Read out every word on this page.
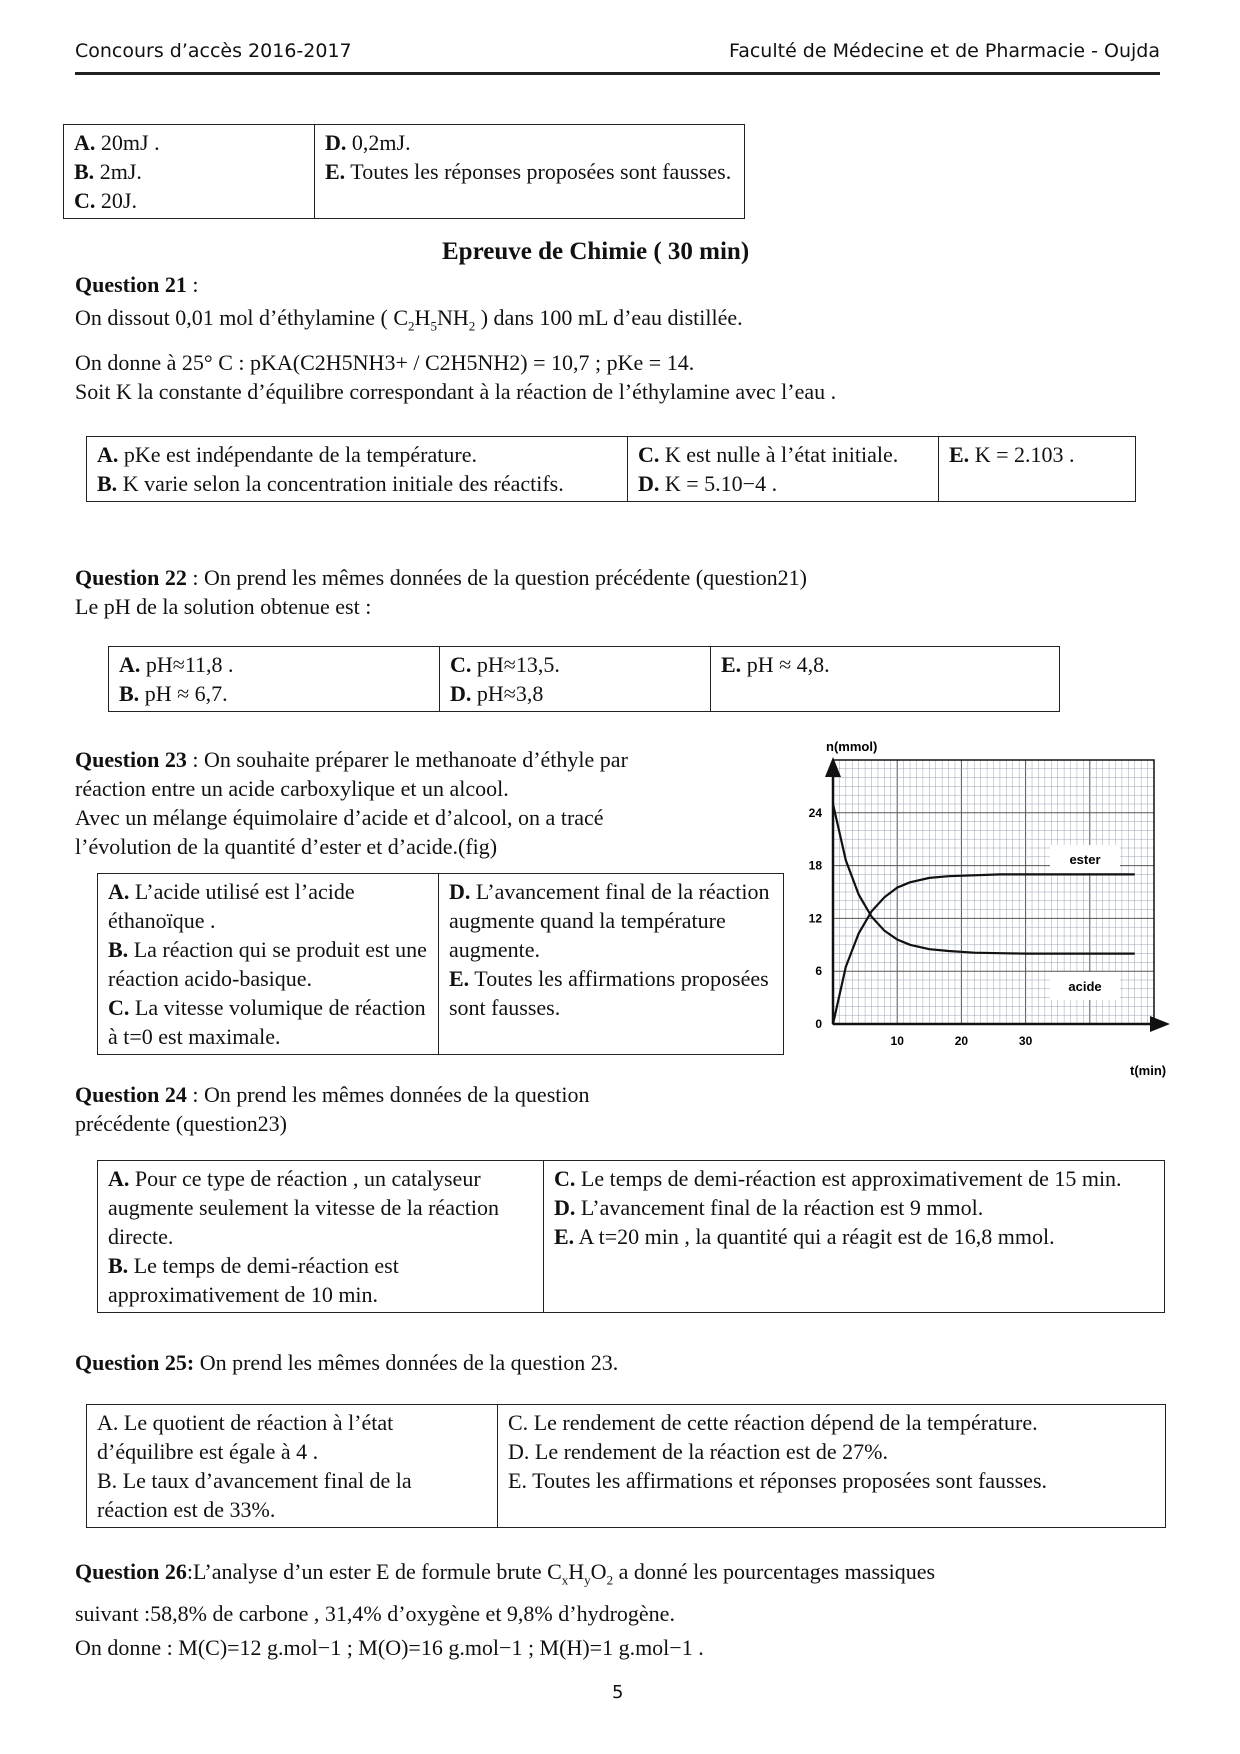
Concours d’accès 2016-2017	Faculté de Médecine et de Pharmacie - Oujda
A. 20mJ .
B. 2mJ.
C. 20J.

D. 0,2mJ.
E. Toutes les réponses proposées sont fausses.
Epreuve de Chimie ( 30 min)
Question 21 :
On dissout 0,01 mol d’éthylamine ( $C_2H_5NH_2$ ) dans 100 mL d’eau distillée.
On donne à 25° C : pKA(C2H5NH3+ / C2H5NH2) = 10,7 ; pKe = 14.
Soit K la constante d’équilibre correspondant à la réaction de l’éthylamine avec l’eau .
A. pKe est indépendante de la température.
B. K varie selon la concentration initiale des réactifs.

C. K est nulle à l’état initiale.
D. K = 5.10−4 .

E. K = 2.103 .
Question 22 : On prend les mêmes données de la question précédente (question21)
Le pH de la solution obtenue est :
A. pH≈11,8 .
B. pH ≈ 6,7.

C. pH≈13,5.
D. pH≈3,8

E. pH ≈ 4,8.
Question 23 : On souhaite préparer le methanoate d’éthyle par
réaction entre un acide carboxylique et un alcool.
Avec un mélange équimolaire d’acide et d’alcool, on a tracé
l’évolution de la quantité d’ester et d’acide.(fig)
A. L’acide utilisé est l’acide éthanoïque .
B. La réaction qui se produit est une réaction acido-basique.
C. La vitesse volumique de réaction à t=0 est maximale.

D. L’avancement final de la réaction augmente quand la température augmente.
E. Toutes les affirmations proposées sont fausses.
n(mmol)
t(min)
0
6
12
18
24
10	20	30
ester
acide
Question 24 : On prend les mêmes données de la question
précédente (question23)
A. Pour ce type de réaction , un catalyseur augmente seulement la vitesse de la réaction directe.
B. Le temps de demi-réaction est approximativement de 10 min.

C. Le temps de demi-réaction est approximativement de 15 min.
D. L’avancement final de la réaction est 9 mmol.
E. A t=20 min , la quantité qui a réagit est de 16,8 mmol.
Question 25: On prend les mêmes données de la question 23.
A. Le quotient de réaction à l’état d’équilibre est égale à 4 .
B. Le taux d’avancement final de la réaction est de 33%.

C. Le rendement de cette réaction dépend de la température.
D. Le rendement de la réaction est de 27%.
E. Toutes les affirmations et réponses proposées sont fausses.
Question 26:L’analyse d’un ester E de formule brute $C_xH_yO_2$ a donné les pourcentages massiques
suivant :58,8% de carbone , 31,4% d’oxygène et 9,8% d’hydrogène.
On donne : M(C)=12 g.mol−1 ; M(O)=16 g.mol−1 ; M(H)=1 g.mol−1 .
5
